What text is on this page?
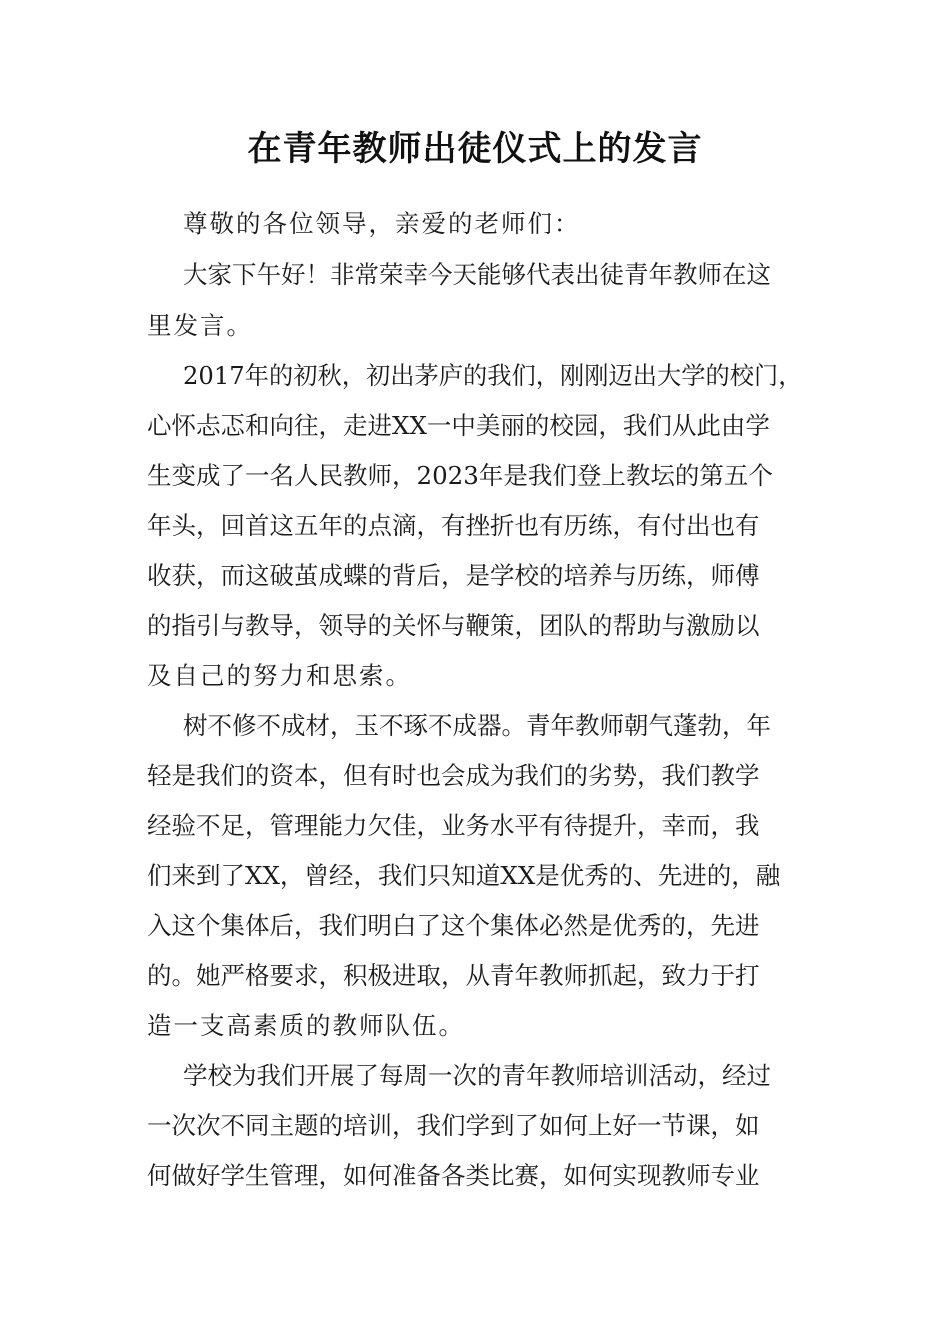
在青年教师出徒仪式上的发言
尊敬的各位领导，亲爱的老师们：
大家下午好！非常荣幸今天能够代表出徒青年教师在这
里发言。
2017年的初秋，初出茅庐的我们，刚刚迈出大学的校门，
心怀忐忑和向往，走进XX一中美丽的校园，我们从此由学
生变成了一名人民教师，2023年是我们登上教坛的第五个
年头，回首这五年的点滴，有挫折也有历练，有付出也有
收获，而这破茧成蝶的背后，是学校的培养与历练，师傅
的指引与教导，领导的关怀与鞭策，团队的帮助与激励以
及自己的努力和思索。
树不修不成材，玉不琢不成器。青年教师朝气蓬勃，年
轻是我们的资本，但有时也会成为我们的劣势，我们教学
经验不足，管理能力欠佳，业务水平有待提升，幸而，我
们来到了XX，曾经，我们只知道XX是优秀的、先进的，融
入这个集体后，我们明白了这个集体必然是优秀的，先进
的。她严格要求，积极进取，从青年教师抓起，致力于打
造一支高素质的教师队伍。
学校为我们开展了每周一次的青年教师培训活动，经过
一次次不同主题的培训，我们学到了如何上好一节课，如
何做好学生管理，如何准备各类比赛，如何实现教师专业
